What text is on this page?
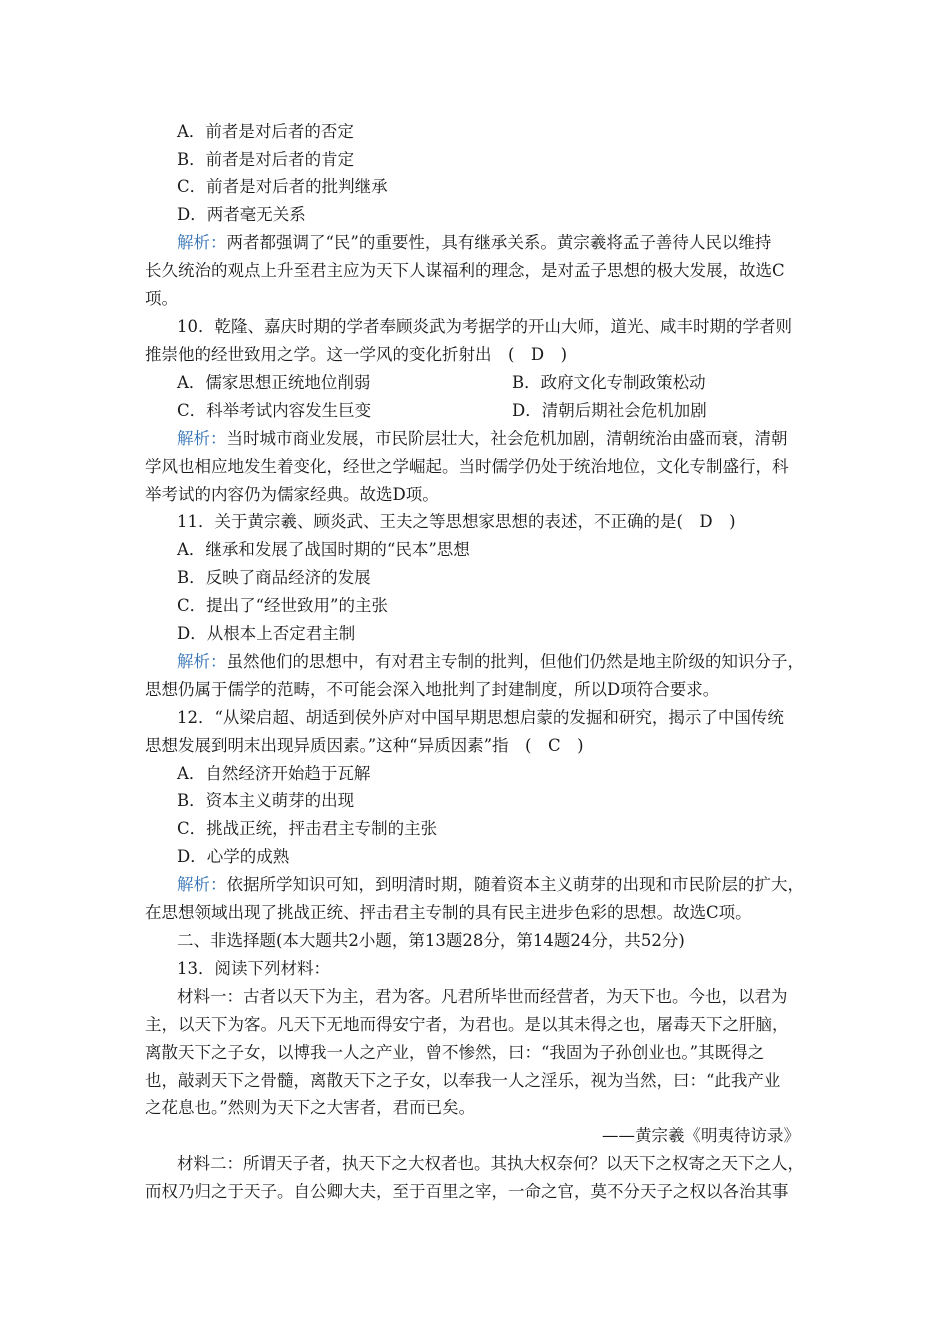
A．前者是对后者的否定
B．前者是对后者的肯定
C．前者是对后者的批判继承
D．两者毫无关系
解析：两者都强调了“民”的重要性，具有继承关系。黄宗羲将孟子善待人民以维持
长久统治的观点上升至君主应为天下人谋福利的理念，是对孟子思想的极大发展，故选C
项。
10．乾隆、嘉庆时期的学者奉顾炎武为考据学的开山大师，道光、咸丰时期的学者则
推崇他的经世致用之学。这一学风的变化折射出　(　D　)
A．儒家思想正统地位削弱	B．政府文化专制政策松动
C．科举考试内容发生巨变	D．清朝后期社会危机加剧
解析：当时城市商业发展，市民阶层壮大，社会危机加剧，清朝统治由盛而衰，清朝
学风也相应地发生着变化，经世之学崛起。当时儒学仍处于统治地位，文化专制盛行，科
举考试的内容仍为儒家经典。故选D项。
11．关于黄宗羲、顾炎武、王夫之等思想家思想的表述，不正确的是(　D　)
A．继承和发展了战国时期的“民本”思想
B．反映了商品经济的发展
C．提出了“经世致用”的主张
D．从根本上否定君主制
解析：虽然他们的思想中，有对君主专制的批判，但他们仍然是地主阶级的知识分子，
思想仍属于儒学的范畴，不可能会深入地批判了封建制度，所以D项符合要求。
12．“从梁启超、胡适到侯外庐对中国早期思想启蒙的发掘和研究，揭示了中国传统
思想发展到明末出现异质因素。”这种“异质因素”指　(　C　)
A．自然经济开始趋于瓦解
B．资本主义萌芽的出现
C．挑战正统，抨击君主专制的主张
D．心学的成熟
解析：依据所学知识可知，到明清时期，随着资本主义萌芽的出现和市民阶层的扩大，
在思想领域出现了挑战正统、抨击君主专制的具有民主进步色彩的思想。故选C项。
二、非选择题(本大题共2小题，第13题28分，第14题24分，共52分)
13．阅读下列材料：
材料一：古者以天下为主，君为客。凡君所毕世而经营者，为天下也。今也，以君为
主，以天下为客。凡天下无地而得安宁者，为君也。是以其未得之也，屠毒天下之肝脑，
离散天下之子女，以博我一人之产业，曾不惨然，曰：“我固为子孙创业也。”其既得之
也，敲剥天下之骨髓，离散天下之子女，以奉我一人之淫乐，视为当然，曰：“此我产业
之花息也。”然则为天下之大害者，君而已矣。
——黄宗羲《明夷待访录》
材料二：所谓天子者，执天下之大权者也。其执大权奈何？以天下之权寄之天下之人，
而权乃归之于天子。自公卿大夫，至于百里之宰，一命之官，莫不分天子之权以各治其事
